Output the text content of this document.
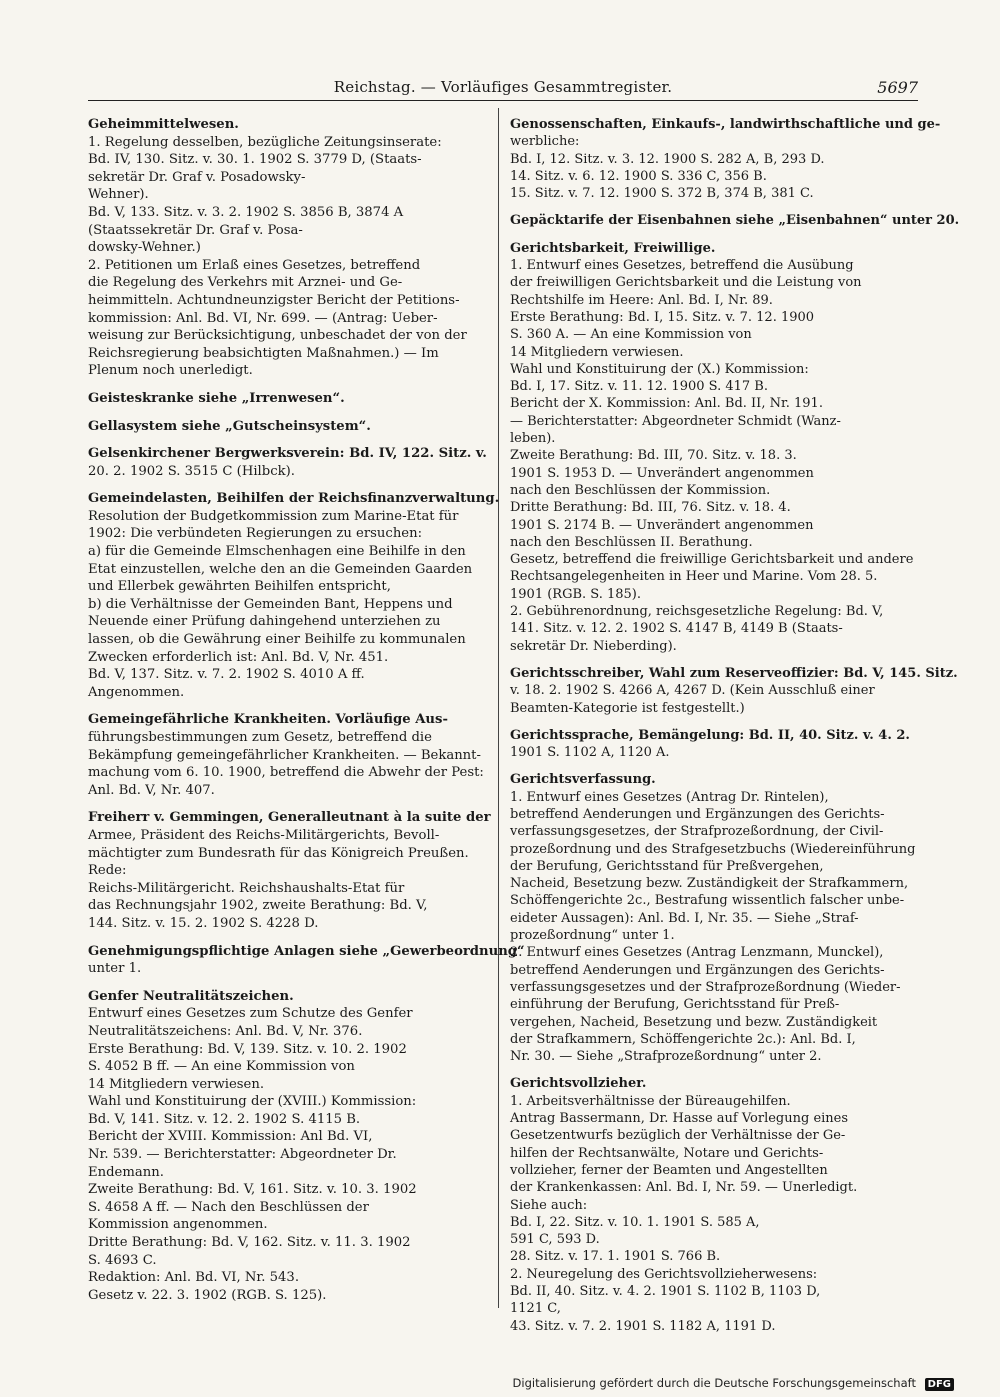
Reichstag. — Vorläufiges Gesammtregister.	5697
Geheimmittelwesen.
1. Regelung desselben, bezügliche Zeitungsinserate:
Bd. IV, 130. Sitz. v. 30. 1. 1902 S. 3779 D, (Staats-
sekretär Dr. Graf v. Posadowsky-
Wehner).
Bd. V, 133. Sitz. v. 3. 2. 1902 S. 3856 B, 3874 A
(Staatssekretär Dr. Graf v. Posa-
dowsky-Wehner.)
2. Petitionen um Erlaß eines Gesetzes, betreffend
die Regelung des Verkehrs mit Arznei- und Ge-
heimmitteln. Achtundneunzigster Bericht der Petitions-
kommission: Anl. Bd. VI, Nr. 699. — (Antrag: Ueber-
weisung zur Berücksichtigung, unbeschadet der von der
Reichsregierung beabsichtigten Maßnahmen.) — Im
Plenum noch unerledigt.
Geisteskranke siehe „Irrenwesen“.
Gellasystem siehe „Gutscheinsystem“.
Gelsenkirchener Bergwerksverein: Bd. IV, 122. Sitz. v.
20. 2. 1902 S. 3515 C (Hilbck).
Gemeindelasten, Beihilfen der Reichsfinanzverwaltung.
Resolution der Budgetkommission zum Marine-Etat für
1902: Die verbündeten Regierungen zu ersuchen:
a) für die Gemeinde Elmschenhagen eine Beihilfe in den
Etat einzustellen, welche den an die Gemeinden Gaarden
und Ellerbek gewährten Beihilfen entspricht,
b) die Verhältnisse der Gemeinden Bant, Heppens und
Neuende einer Prüfung dahingehend unterziehen zu
lassen, ob die Gewährung einer Beihilfe zu kommunalen
Zwecken erforderlich ist: Anl. Bd. V, Nr. 451.
Bd. V, 137. Sitz. v. 7. 2. 1902 S. 4010 A ff.
Angenommen.
Gemeingefährliche Krankheiten. Vorläufige Aus-
führungsbestimmungen zum Gesetz, betreffend die
Bekämpfung gemeingefährlicher Krankheiten. — Bekannt-
machung vom 6. 10. 1900, betreffend die Abwehr der Pest:
Anl. Bd. V, Nr. 407.
Freiherr v. Gemmingen, Generalleutnant à la suite der
Armee, Präsident des Reichs-Militärgerichts, Bevoll-
mächtigter zum Bundesrath für das Königreich Preußen.
Rede:
Reichs-Militärgericht. Reichshaushalts-Etat für
das Rechnungsjahr 1902, zweite Berathung: Bd. V,
144. Sitz. v. 15. 2. 1902 S. 4228 D.
Genehmigungspflichtige Anlagen siehe „Gewerbeordnung“
unter 1.
Genfer Neutralitätszeichen.
Entwurf eines Gesetzes zum Schutze des Genfer
Neutralitätszeichens: Anl. Bd. V, Nr. 376.
Erste Berathung: Bd. V, 139. Sitz. v. 10. 2. 1902
S. 4052 B ff. — An eine Kommission von
14 Mitgliedern verwiesen.
Wahl und Konstituirung der (XVIII.) Kommission:
Bd. V, 141. Sitz. v. 12. 2. 1902 S. 4115 B.
Bericht der XVIII. Kommission: Anl Bd. VI,
Nr. 539. — Berichterstatter: Abgeordneter Dr.
Endemann.
Zweite Berathung: Bd. V, 161. Sitz. v. 10. 3. 1902
S. 4658 A ff. — Nach den Beschlüssen der
Kommission angenommen.
Dritte Berathung: Bd. V, 162. Sitz. v. 11. 3. 1902
S. 4693 C.
Redaktion: Anl. Bd. VI, Nr. 543.
Gesetz v. 22. 3. 1902 (RGB. S. 125).
Genossenschaften, Einkaufs-, landwirthschaftliche und ge-
werbliche:
Bd. I, 12. Sitz. v. 3. 12. 1900 S. 282 A, B, 293 D.
14. Sitz. v. 6. 12. 1900 S. 336 C, 356 B.
15. Sitz. v. 7. 12. 1900 S. 372 B, 374 B, 381 C.
Gepäcktarife der Eisenbahnen siehe „Eisenbahnen“ unter 20.
Gerichtsbarkeit, Freiwillige.
1. Entwurf eines Gesetzes, betreffend die Ausübung
der freiwilligen Gerichtsbarkeit und die Leistung von
Rechtshilfe im Heere: Anl. Bd. I, Nr. 89.
Erste Berathung: Bd. I, 15. Sitz. v. 7. 12. 1900
S. 360 A. — An eine Kommission von
14 Mitgliedern verwiesen.
Wahl und Konstituirung der (X.) Kommission:
Bd. I, 17. Sitz. v. 11. 12. 1900 S. 417 B.
Bericht der X. Kommission: Anl. Bd. II, Nr. 191.
— Berichterstatter: Abgeordneter Schmidt (Wanz-
leben).
Zweite Berathung: Bd. III, 70. Sitz. v. 18. 3.
1901 S. 1953 D. — Unverändert angenommen
nach den Beschlüssen der Kommission.
Dritte Berathung: Bd. III, 76. Sitz. v. 18. 4.
1901 S. 2174 B. — Unverändert angenommen
nach den Beschlüssen II. Berathung.
Gesetz, betreffend die freiwillige Gerichtsbarkeit und andere
Rechtsangelegenheiten in Heer und Marine. Vom 28. 5.
1901 (RGB. S. 185).
2. Gebührenordnung, reichsgesetzliche Regelung: Bd. V,
141. Sitz. v. 12. 2. 1902 S. 4147 B, 4149 B (Staats-
sekretär Dr. Nieberding).
Gerichtsschreiber, Wahl zum Reserveoffizier: Bd. V, 145. Sitz.
v. 18. 2. 1902 S. 4266 A, 4267 D. (Kein Ausschluß einer
Beamten-Kategorie ist festgestellt.)
Gerichtssprache, Bemängelung: Bd. II, 40. Sitz. v. 4. 2.
1901 S. 1102 A, 1120 A.
Gerichtsverfassung.
1. Entwurf eines Gesetzes (Antrag Dr. Rintelen),
betreffend Aenderungen und Ergänzungen des Gerichts-
verfassungsgesetzes, der Strafprozeßordnung, der Civil-
prozeßordnung und des Strafgesetzbuchs (Wiedereinführung
der Berufung, Gerichtsstand für Preßvergehen,
Nacheid, Besetzung bezw. Zuständigkeit der Strafkammern,
Schöffengerichte 2c., Bestrafung wissentlich falscher unbe-
eideter Aussagen): Anl. Bd. I, Nr. 35. — Siehe „Straf-
prozeßordnung“ unter 1.
2. Entwurf eines Gesetzes (Antrag Lenzmann, Munckel),
betreffend Aenderungen und Ergänzungen des Gerichts-
verfassungsgesetzes und der Strafprozeßordnung (Wieder-
einführung der Berufung, Gerichtsstand für Preß-
vergehen, Nacheid, Besetzung und bezw. Zuständigkeit
der Strafkammern, Schöffengerichte 2c.): Anl. Bd. I,
Nr. 30. — Siehe „Strafprozeßordnung“ unter 2.
Gerichtsvollzieher.
1. Arbeitsverhältnisse der Büreaugehilfen.
Antrag Bassermann, Dr. Hasse auf Vorlegung eines
Gesetzentwurfs bezüglich der Verhältnisse der Ge-
hilfen der Rechtsanwälte, Notare und Gerichts-
vollzieher, ferner der Beamten und Angestellten
der Krankenkassen: Anl. Bd. I, Nr. 59. — Unerledigt.
Siehe auch:
Bd. I, 22. Sitz. v. 10. 1. 1901 S. 585 A,
591 C, 593 D.
28. Sitz. v. 17. 1. 1901 S. 766 B.
2. Neuregelung des Gerichtsvollzieherwesens:
Bd. II, 40. Sitz. v. 4. 2. 1901 S. 1102 B, 1103 D,
1121 C,
43. Sitz. v. 7. 2. 1901 S. 1182 A, 1191 D.
Digitalisierung gefördert durch die Deutsche Forschungsgemeinschaft DFG
